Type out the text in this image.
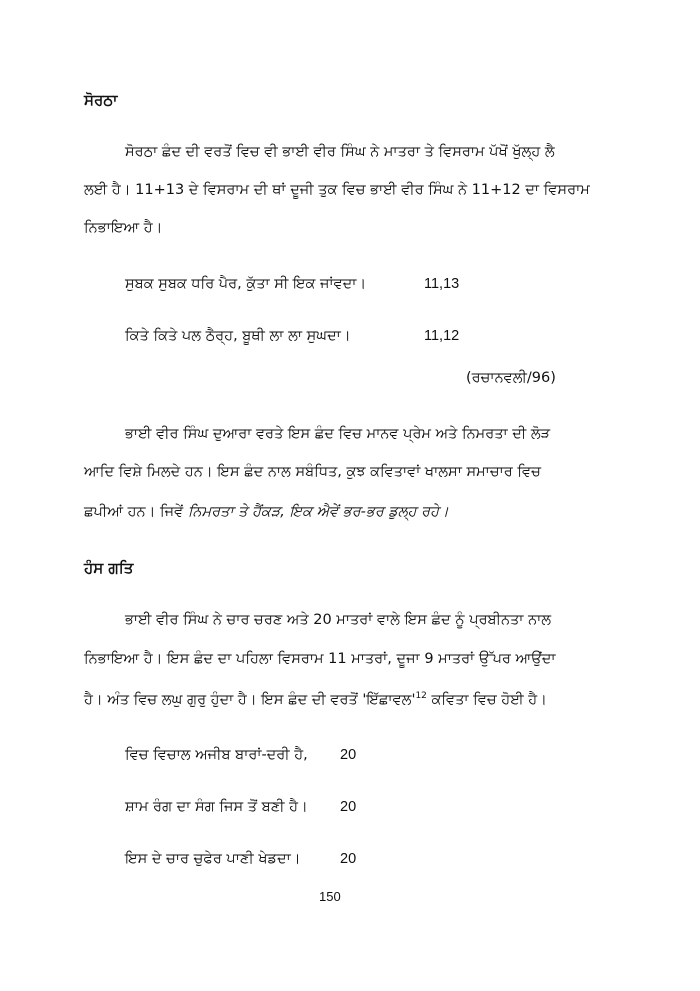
ਸੋਰਠਾ
ਸੋਰਠਾ ਛੰਦ ਦੀ ਵਰਤੋਂ ਵਿਚ ਵੀ ਭਾਈ ਵੀਰ ਸਿੰਘ ਨੇ ਮਾਤਰਾ ਤੇ ਵਿਸਰਾਮ ਪੱਖੋਂ ਖੁੱਲ੍ਹ ਲੈ
ਲਈ ਹੈ। 11+13 ਦੇ ਵਿਸਰਾਮ ਦੀ ਥਾਂ ਦੂਜੀ ਤੁਕ ਵਿਚ ਭਾਈ ਵੀਰ ਸਿੰਘ ਨੇ 11+12 ਦਾ ਵਿਸਰਾਮ
ਨਿਭਾਇਆ ਹੈ।
ਸੁਬਕ ਸੁਬਕ ਧਰਿ ਪੈਰ, ਕੁੱਤਾ ਸੀ ਇਕ ਜਾਂਵਦਾ।	11,13
ਕਿਤੇ ਕਿਤੇ ਪਲ ਠੈਰ੍ਹ, ਬੂਥੀ ਲਾ ਲਾ ਸੁਘਦਾ।	11,12
(ਰਚਾਨਵਲੀ/96)
ਭਾਈ ਵੀਰ ਸਿੰਘ ਦੁਆਰਾ ਵਰਤੇ ਇਸ ਛੰਦ ਵਿਚ ਮਾਨਵ ਪ੍ਰੇਮ ਅਤੇ ਨਿਮਰਤਾ ਦੀ ਲੋੜ
ਆਦਿ ਵਿਸ਼ੇ ਮਿਲਦੇ ਹਨ। ਇਸ ਛੰਦ ਨਾਲ ਸਬੰਧਿਤ, ਕੁਝ ਕਵਿਤਾਵਾਂ ਖਾਲਸਾ ਸਮਾਚਾਰ ਵਿਚ
ਛਪੀਆਂ ਹਨ। ਜਿਵੇਂ ਨਿਮਰਤਾ ਤੇ ਹੈਂਕੜ, ਇਕ ਐਵੇਂ ਭਰ-ਭਰ ਡੁਲ੍ਹ ਰਹੇ।
ਹੰਸ ਗਤਿ
ਭਾਈ ਵੀਰ ਸਿੰਘ ਨੇ ਚਾਰ ਚਰਣ ਅਤੇ 20 ਮਾਤਰਾਂ ਵਾਲੇ ਇਸ ਛੰਦ ਨੂੰ ਪ੍ਰਬੀਨਤਾ ਨਾਲ
ਨਿਭਾਇਆ ਹੈ। ਇਸ ਛੰਦ ਦਾ ਪਹਿਲਾ ਵਿਸਰਾਮ 11 ਮਾਤਰਾਂ, ਦੂਜਾ 9 ਮਾਤਰਾਂ ਉੱਪਰ ਆਉਂਦਾ
ਹੈ। ਅੰਤ ਵਿਚ ਲਘੁ ਗੁਰੁ ਹੁੰਦਾ ਹੈ। ਇਸ ਛੰਦ ਦੀ ਵਰਤੋਂ '$ਇੱਛਾਵਲ'^{12}$ ਕਵਿਤਾ ਵਿਚ ਹੋਈ ਹੈ।
ਵਿਚ ਵਿਚਾਲ ਅਜੀਬ ਬਾਰਾਂ-ਦਰੀ ਹੈ, 20
ਸ਼ਾਮ ਰੰਗ ਦਾ ਸੰਗ ਜਿਸ ਤੋਂ ਬਣੀ ਹੈ। 20
ਇਸ ਦੇ ਚਾਰ ਚੁਫੇਰ ਪਾਣੀ ਖੇਡਦਾ।	20
150
